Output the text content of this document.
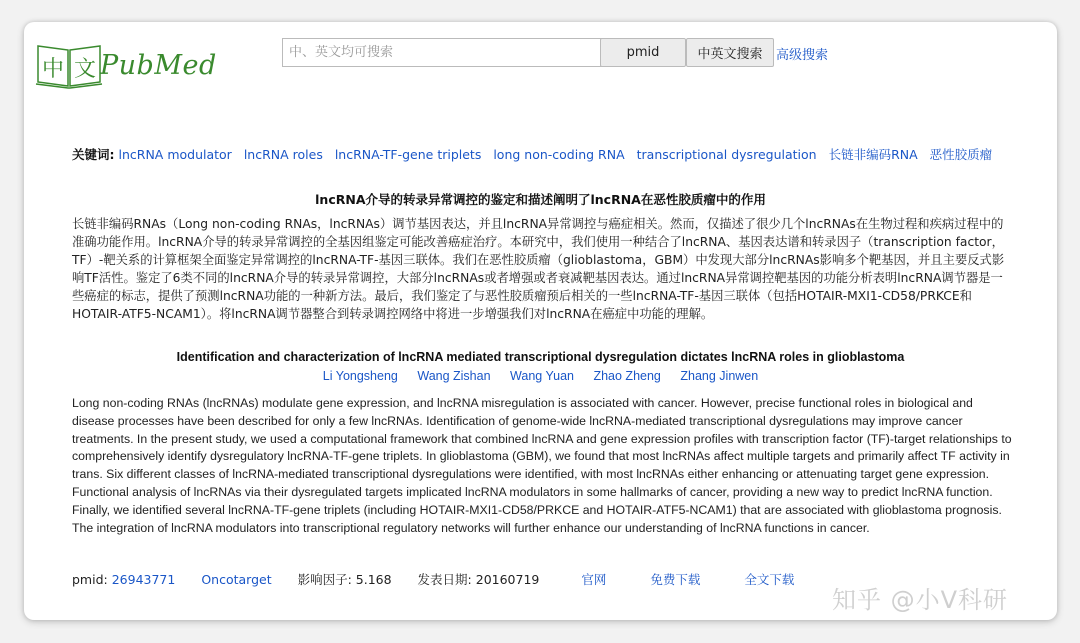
中 文 PubMed
中、英文均可搜索	pmid	中英文搜索	高级搜索
关键词: lncRNA modulator lncRNA roles lncRNA-TF-gene triplets long non-coding RNA transcriptional dysregulation 长链非编码RNA 恶性胶质瘤
lncRNA介导的转录异常调控的鉴定和描述阐明了lncRNA在恶性胶质瘤中的作用
长链非编码RNAs（Long non-coding RNAs，lncRNAs）调节基因表达，并且lncRNA异常调控与癌症相关。然而，仅描述了很少几个lncRNAs在生物过程和疾病过程中的准确功能作用。lncRNA介导的转录异常调控的全基因组鉴定可能改善癌症治疗。本研究中，我们使用一种结合了lncRNA、基因表达谱和转录因子（transcription factor，TF）-靶关系的计算框架全面鉴定异常调控的lncRNA-TF-基因三联体。我们在恶性胶质瘤（glioblastoma，GBM）中发现大部分lncRNAs影响多个靶基因，并且主要反式影响TF活性。鉴定了6类不同的lncRNA介导的转录异常调控，大部分lncRNAs或者增强或者衰减靶基因表达。通过lncRNA异常调控靶基因的功能分析表明lncRNA调节器是一些癌症的标志，提供了预测lncRNA功能的一种新方法。最后，我们鉴定了与恶性胶质瘤预后相关的一些lncRNA-TF-基因三联体（包括HOTAIR-MXI1-CD58/PRKCE和HOTAIR-ATF5-NCAM1）。将lncRNA调节器整合到转录调控网络中将进一步增强我们对lncRNA在癌症中功能的理解。
Identification and characterization of lncRNA mediated transcriptional dysregulation dictates lncRNA roles in glioblastoma
Li Yongsheng Wang Zishan Wang Yuan Zhao Zheng Zhang Jinwen
Long non-coding RNAs (lncRNAs) modulate gene expression, and lncRNA misregulation is associated with cancer. However, precise functional roles in biological and disease processes have been described for only a few lncRNAs. Identification of genome-wide lncRNA-mediated transcriptional dysregulations may improve cancer treatments. In the present study, we used a computational framework that combined lncRNA and gene expression profiles with transcription factor (TF)-target relationships to comprehensively identify dysregulatory lncRNA-TF-gene triplets. In glioblastoma (GBM), we found that most lncRNAs affect multiple targets and primarily affect TF activity in trans. Six different classes of lncRNA-mediated transcriptional dysregulations were identified, with most lncRNAs either enhancing or attenuating target gene expression. Functional analysis of lncRNAs via their dysregulated targets implicated lncRNA modulators in some hallmarks of cancer, providing a new way to predict lncRNA function. Finally, we identified several lncRNA-TF-gene triplets (including HOTAIR-MXI1-CD58/PRKCE and HOTAIR-ATF5-NCAM1) that are associated with glioblastoma prognosis. The integration of lncRNA modulators into transcriptional regulatory networks will further enhance our understanding of lncRNA functions in cancer.
pmid: 26943771 Oncotarget 影响因子: 5.168 发表日期: 20160719	官网	免费下载	全文下载
知乎 @小V科研
